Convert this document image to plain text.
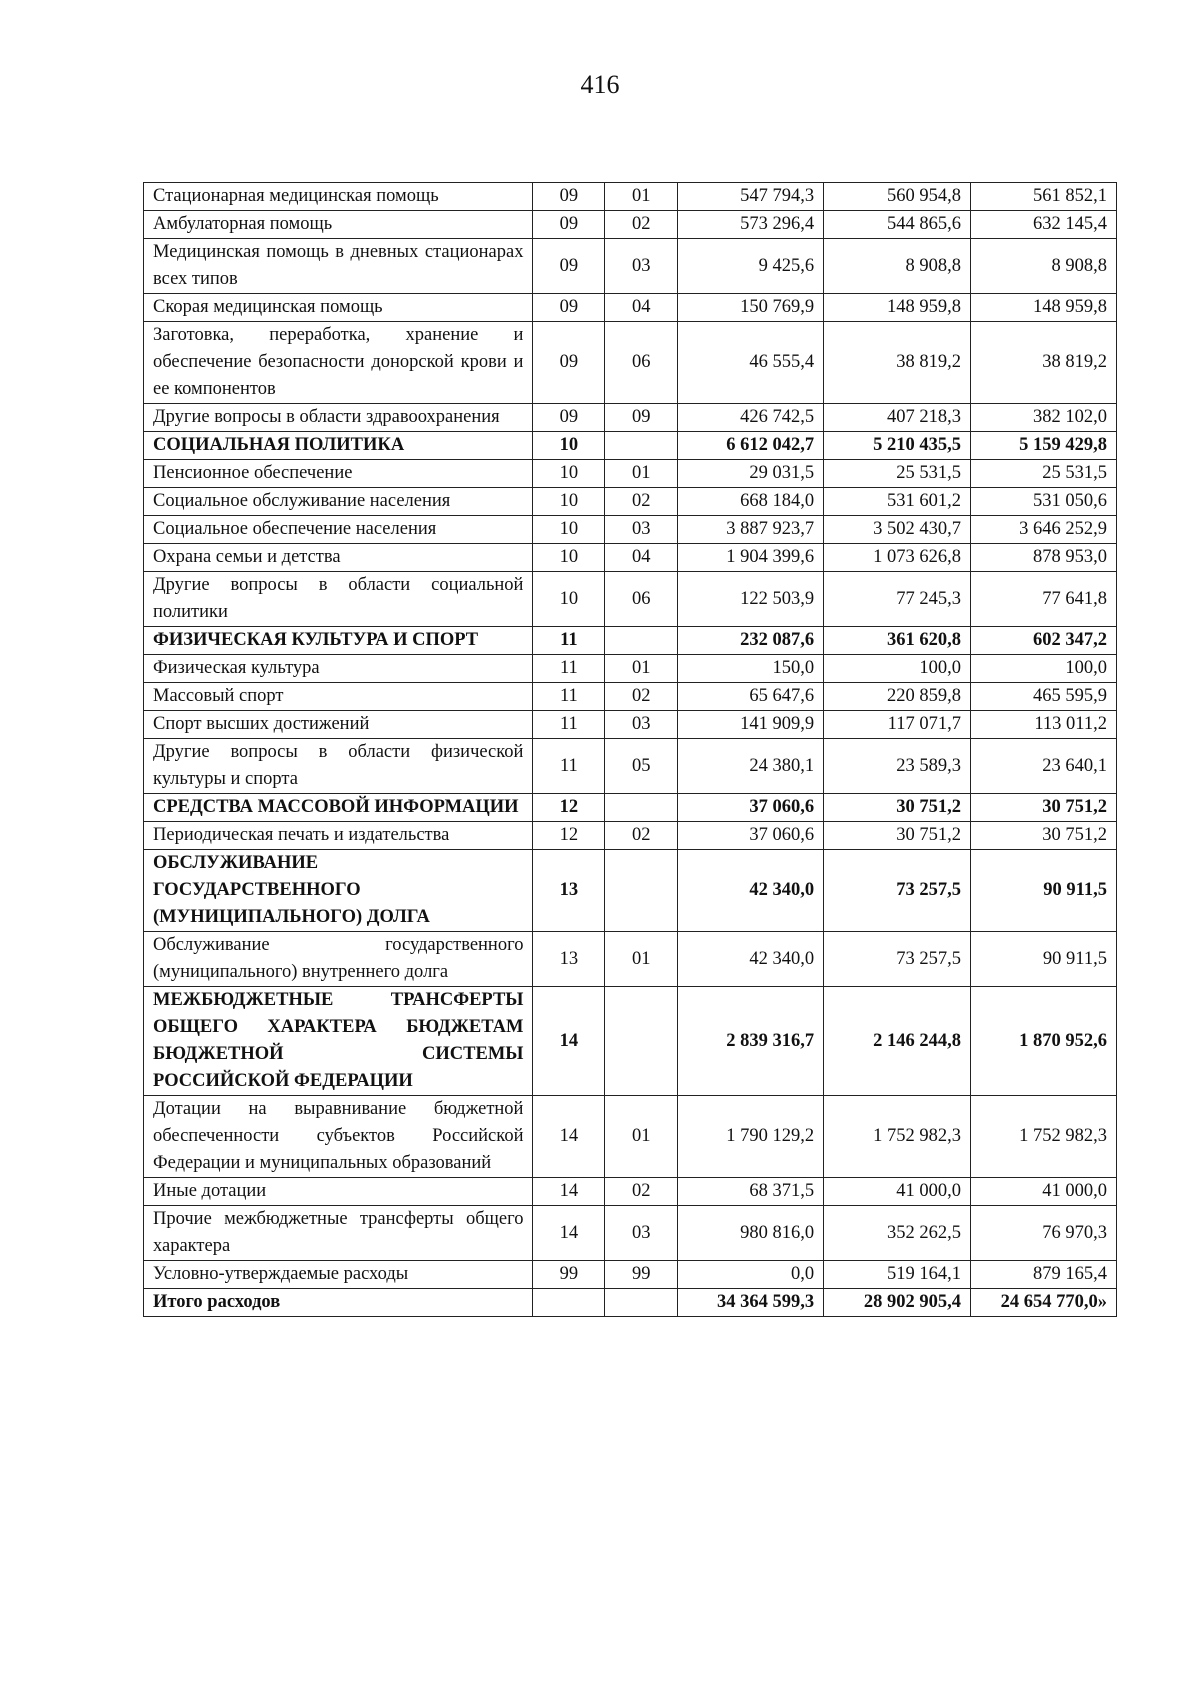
416
Стационарная медицинская помощь	09	01	547 794,3	560 954,8	561 852,1
Амбулаторная помощь	09	02	573 296,4	544 865,6	632 145,4
Медицинская помощь в дневных стационарах всех типов	09	03	9 425,6	8 908,8	8 908,8
Скорая медицинская помощь	09	04	150 769,9	148 959,8	148 959,8
Заготовка, переработка, хранение и обеспечение безопасности донорской крови и ее компонентов	09	06	46 555,4	38 819,2	38 819,2
Другие вопросы в области здравоохранения	09	09	426 742,5	407 218,3	382 102,0
СОЦИАЛЬНАЯ ПОЛИТИКА	10		6 612 042,7	5 210 435,5	5 159 429,8
Пенсионное обеспечение	10	01	29 031,5	25 531,5	25 531,5
Социальное обслуживание населения	10	02	668 184,0	531 601,2	531 050,6
Социальное обеспечение населения	10	03	3 887 923,7	3 502 430,7	3 646 252,9
Охрана семьи и детства	10	04	1 904 399,6	1 073 626,8	878 953,0
Другие вопросы в области социальной политики	10	06	122 503,9	77 245,3	77 641,8
ФИЗИЧЕСКАЯ КУЛЬТУРА И СПОРТ	11		232 087,6	361 620,8	602 347,2
Физическая культура	11	01	150,0	100,0	100,0
Массовый спорт	11	02	65 647,6	220 859,8	465 595,9
Спорт высших достижений	11	03	141 909,9	117 071,7	113 011,2
Другие вопросы в области физической культуры и спорта	11	05	24 380,1	23 589,3	23 640,1
СРЕДСТВА МАССОВОЙ ИНФОРМАЦИИ	12		37 060,6	30 751,2	30 751,2
Периодическая печать и издательства	12	02	37 060,6	30 751,2	30 751,2
ОБСЛУЖИВАНИЕ ГОСУДАРСТВЕННОГО (МУНИЦИПАЛЬНОГО) ДОЛГА	13		42 340,0	73 257,5	90 911,5
Обслуживание государственного (муниципального) внутреннего долга	13	01	42 340,0	73 257,5	90 911,5
МЕЖБЮДЖЕТНЫЕ ТРАНСФЕРТЫ ОБЩЕГО ХАРАКТЕРА БЮДЖЕТАМ БЮДЖЕТНОЙ СИСТЕМЫ РОССИЙСКОЙ ФЕДЕРАЦИИ	14		2 839 316,7	2 146 244,8	1 870 952,6
Дотации на выравнивание бюджетной обеспеченности субъектов Российской Федерации и муниципальных образований	14	01	1 790 129,2	1 752 982,3	1 752 982,3
Иные дотации	14	02	68 371,5	41 000,0	41 000,0
Прочие межбюджетные трансферты общего характера	14	03	980 816,0	352 262,5	76 970,3
Условно-утверждаемые расходы	99	99	0,0	519 164,1	879 165,4
Итого расходов			34 364 599,3	28 902 905,4	24 654 770,0»
